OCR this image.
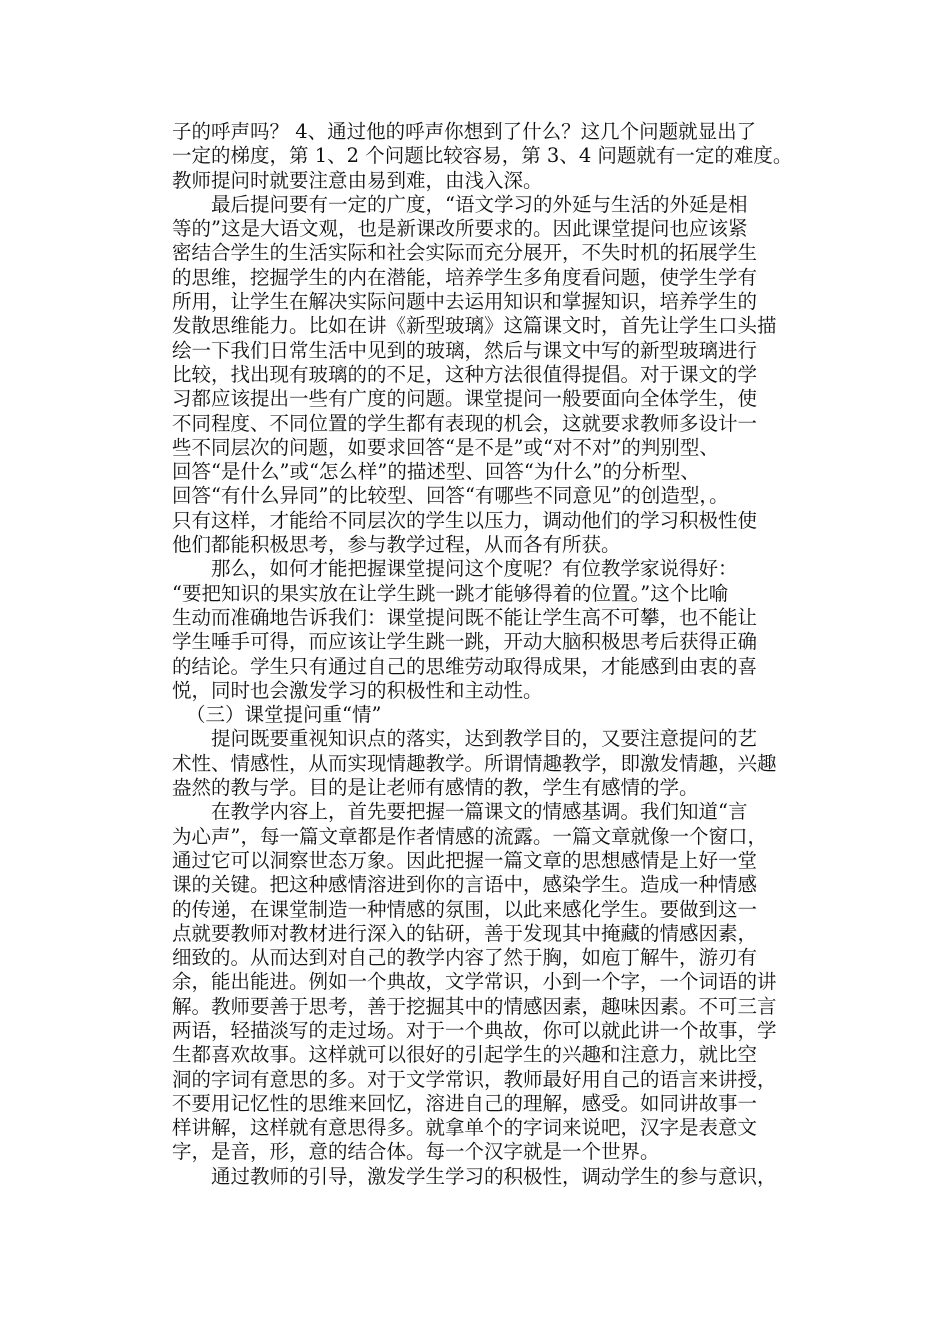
子的呼声吗？ 4、通过他的呼声你想到了什么？这几个问题就显出了
一定的梯度，第 1、2 个问题比较容易，第 3、4 问题就有一定的难度。
教师提问时就要注意由易到难，由浅入深。
最后提问要有一定的广度，“语文学习的外延与生活的外延是相
等的”这是大语文观，也是新课改所要求的。因此课堂提问也应该紧
密结合学生的生活实际和社会实际而充分展开，不失时机的拓展学生
的思维，挖掘学生的内在潜能，培养学生多角度看问题，使学生学有
所用，让学生在解决实际问题中去运用知识和掌握知识，培养学生的
发散思维能力。比如在讲《新型玻璃》这篇课文时，首先让学生口头描
绘一下我们日常生活中见到的玻璃，然后与课文中写的新型玻璃进行
比较，找出现有玻璃的的不足，这种方法很值得提倡。对于课文的学
习都应该提出一些有广度的问题。课堂提问一般要面向全体学生，使
不同程度、不同位置的学生都有表现的机会，这就要求教师多设计一
些不同层次的问题，如要求回答“是不是”或“对不对”的判别型、
回答“是什么”或“怎么样”的描述型、回答“为什么”的分析型、
回答“有什么异同”的比较型、回答“有哪些不同意见”的创造型，。
只有这样，才能给不同层次的学生以压力，调动他们的学习积极性使
他们都能积极思考，参与教学过程，从而各有所获。
那么，如何才能把握课堂提问这个度呢？有位教学家说得好：
“要把知识的果实放在让学生跳一跳才能够得着的位置。”这个比喻
生动而准确地告诉我们：课堂提问既不能让学生高不可攀，也不能让
学生唾手可得，而应该让学生跳一跳，开动大脑积极思考后获得正确
的结论。学生只有通过自己的思维劳动取得成果，才能感到由衷的喜
悦，同时也会激发学习的积极性和主动性。
（三）课堂提问重“情”
提问既要重视知识点的落实，达到教学目的，又要注意提问的艺
术性、情感性，从而实现情趣教学。所谓情趣教学，即激发情趣，兴趣
盎然的教与学。目的是让老师有感情的教，学生有感情的学。
在教学内容上，首先要把握一篇课文的情感基调。我们知道“言
为心声”，每一篇文章都是作者情感的流露。一篇文章就像一个窗口，
通过它可以洞察世态万象。因此把握一篇文章的思想感情是上好一堂
课的关键。把这种感情溶进到你的言语中，感染学生。造成一种情感
的传递，在课堂制造一种情感的氛围，以此来感化学生。要做到这一
点就要教师对教材进行深入的钻研，善于发现其中掩藏的情感因素，
细致的。从而达到对自己的教学内容了然于胸，如庖丁解牛，游刃有
余，能出能进。例如一个典故，文学常识，小到一个字，一个词语的讲
解。教师要善于思考，善于挖掘其中的情感因素，趣味因素。不可三言
两语，轻描淡写的走过场。对于一个典故，你可以就此讲一个故事，学
生都喜欢故事。这样就可以很好的引起学生的兴趣和注意力，就比空
洞的字词有意思的多。对于文学常识，教师最好用自己的语言来讲授，
不要用记忆性的思维来回忆，溶进自己的理解，感受。如同讲故事一
样讲解，这样就有意思得多。就拿单个的字词来说吧，汉字是表意文
字，是音，形，意的结合体。每一个汉字就是一个世界。
通过教师的引导，激发学生学习的积极性，调动学生的参与意识，
